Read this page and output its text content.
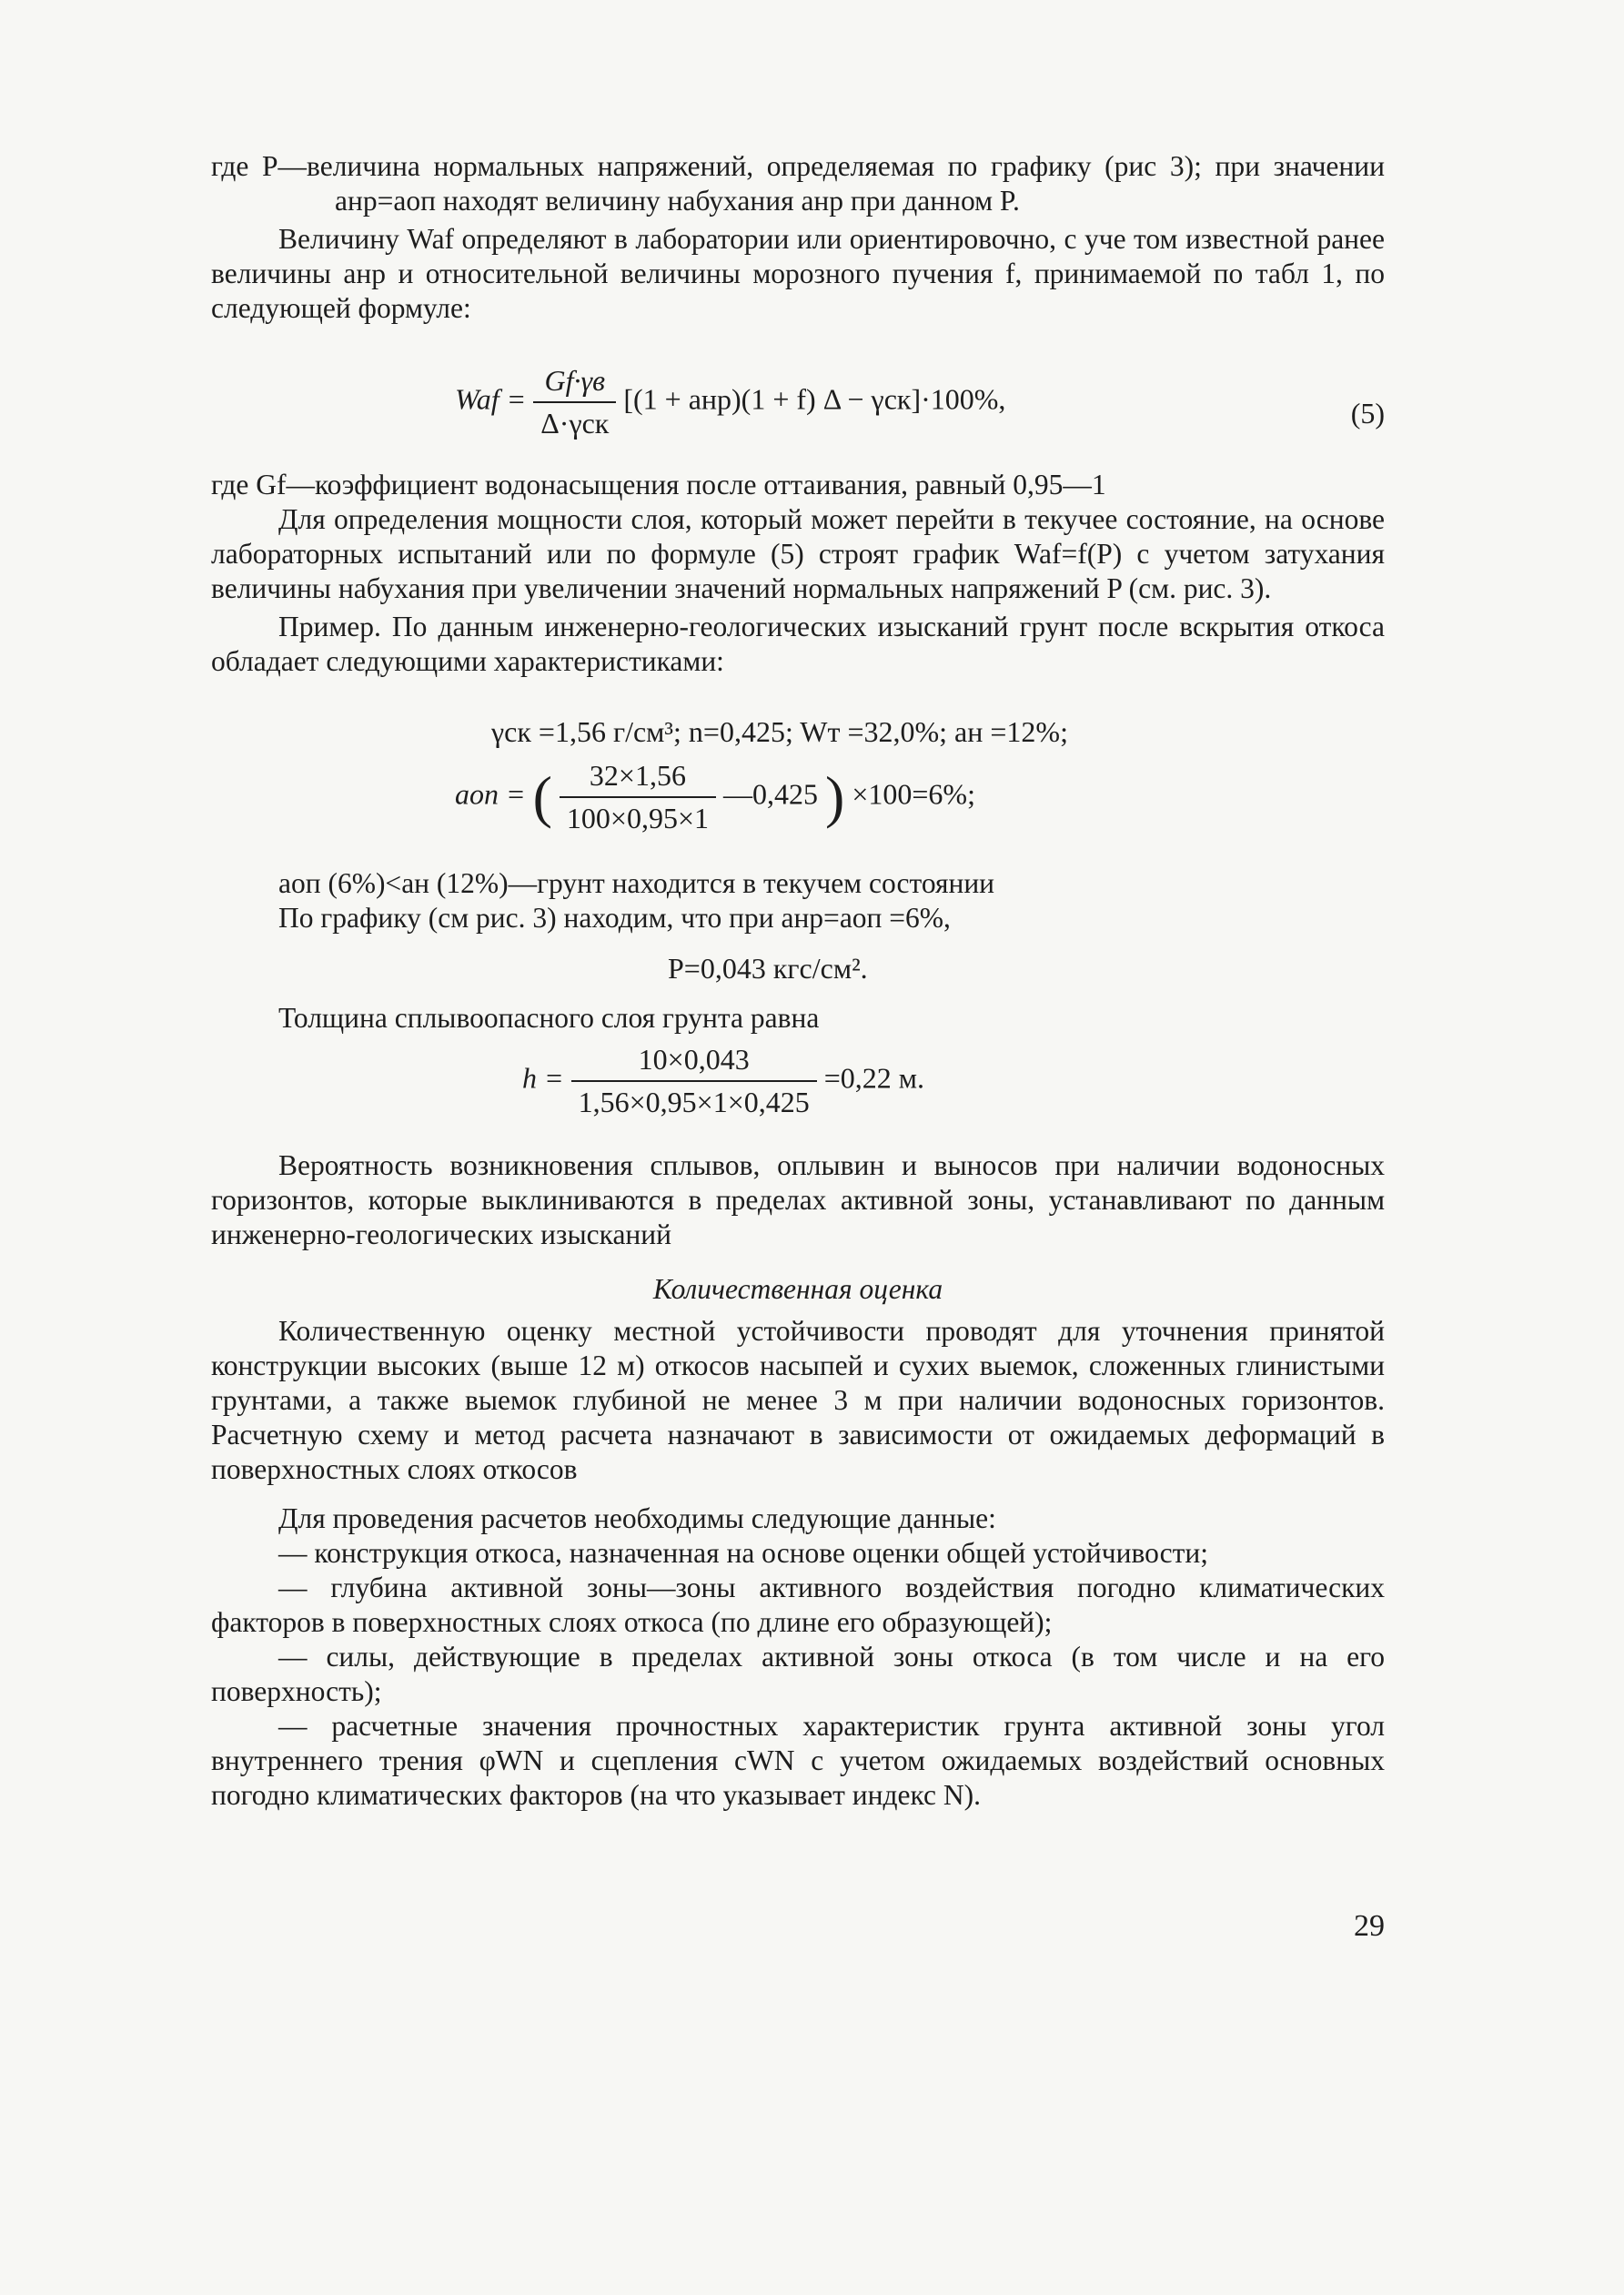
где P—величина нормальных напряжений, определяемая по графику (рис 3); при значении aнр=aоп находят величину набухания aнр при данном P.

Величину Waf определяют в лаборатории или ориентировочно, с уче том известной ранее величины aнр и относительной величины морозного пучения f, принимаемой по табл 1, по следующей формуле:

Waf = $\frac{Gf\cdot\gamma в}{\text{Δ·γск}} [(1 + aнр)(1 + f) \Delta - \gamma ск]\cdot 100\%$,	(5)

где Gf—коэффициент водонасыщения после оттаивания, равный 0,95—1

Для определения мощности слоя, который может перейти в текучее состояние, на основе лабораторных испытаний или по формуле (5) строят график Waf=f(P) с учетом затухания величины набухания при увеличении значений нормальных напряжений P (см. рис. 3).

Пример. По данным инженерно-геологических изысканий грунт после вскрытия откоса обладает следующими характеристиками:

γск =1,56 г/см³; n=0,425; Wт =32,0%; aн =12%;
aоп = ( $\frac{32\times 1,56}{100\times 0,95\times 1}$ —0,425 ) ×100=6%;

aоп (6%)<aн (12%)—грунт находится в текучем состоянии

По графику (см рис. 3) находим, что при aнр=aоп =6%,

P=0,043 кгс/см².

Толщина сплывоопасного слоя грунта равна

$h = \frac{10\times 0,043}{1,56\times 0,95\times 1\times 0,425} =0,22$ м.

Вероятность возникновения сплывов, оплывин и выносов при наличии водоносных горизонтов, которые выклиниваются в пределах активной зоны, устанавливают по данным инженерно-геологических изысканий

Количественная оценка

Количественную оценку местной устойчивости проводят для уточнения принятой конструкции высоких (выше 12 м) откосов насыпей и сухих выемок, сложенных глинистыми грунтами, а также выемок глубиной не менее 3 м при наличии водоносных горизонтов. Расчетную схему и метод расчета назначают в зависимости от ожидаемых деформаций в поверхностных слоях откосов

Для проведения расчетов необходимы следующие данные:

— конструкция откоса, назначенная на основе оценки общей устойчивости;

— глубина активной зоны—зоны активного воздействия погодно климатических факторов в поверхностных слоях откоса (по длине его образующей);

— силы, действующие в пределах активной зоны откоса (в том числе и на его поверхность);

— расчетные значения прочностных характеристик грунта активной зоны угол внутреннего трения φWN и сцепления cWN с учетом ожидаемых воздействий основных погодно климатических факторов (на что указывает индекс N).

29
